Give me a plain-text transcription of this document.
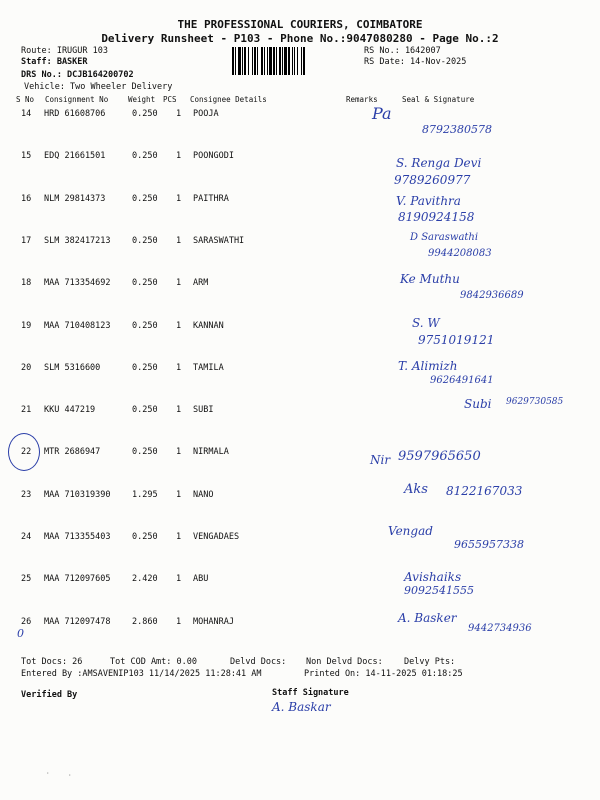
THE PROFESSIONAL COURIERS, COIMBATORE
Delivery Runsheet - P103 - Phone No.:9047080280 - Page No.:2
Route: IRUGUR 103
Staff: BASKER
DRS No.: DCJB164200702
Vehicle: Two Wheeler Delivery
RS No.: 1642007
RS Date: 14-Nov-2025
S No Consignment No	Weight PCS Consignee Details	Remarks	Seal & Signature
14 HRD 61608706	0.250 1 POOJA	Pa
8792380578
15 EDQ 21661501	0.250 1 POONGODI	S. Renga Devi
9789260977
16 NLM 29814373	0.250 1 PAITHRA	V. Pavithra
8190924158
17 SLM 382417213	0.250 1 SARASWATHI	D Saraswathi
9944208083
18 MAA 713354692	0.250 1 ARM	Ke Muthu
9842936689
19 MAA 710408123	0.250 1 KANNAN	S. W
9751019121
20 SLM 5316600	0.250 1 TAMILA	T. Alimizh
9626491641
21 KKU 447219	0.250 1 SUBI	Subi 9629730585
22 MTR 2686947	0.250 1 NIRMALA
Nir 9597965650
23 MAA 710319390	1.295 1 NANO	Aks 8122167033
24 MAA 713355403	0.250 1 VENGADAES	Vengad
9655957338
25 MAA 712097605	2.420 1 ABU	Avishaiks
9092541555
26 MAA 712097478	2.860 1 MOHANRAJ	A. Basker
9442734936
0
Tot Docs: 26	Tot COD Amt: 0.00	Delvd Docs: Non Delvd Docs: Delvy Pts:
Entered By :AMSAVENIP103 11/14/2025 11:28:41 AM	Printed On: 14-11-2025 01:18:25
Verified By	Staff Signature
A. Baskar
·	·
